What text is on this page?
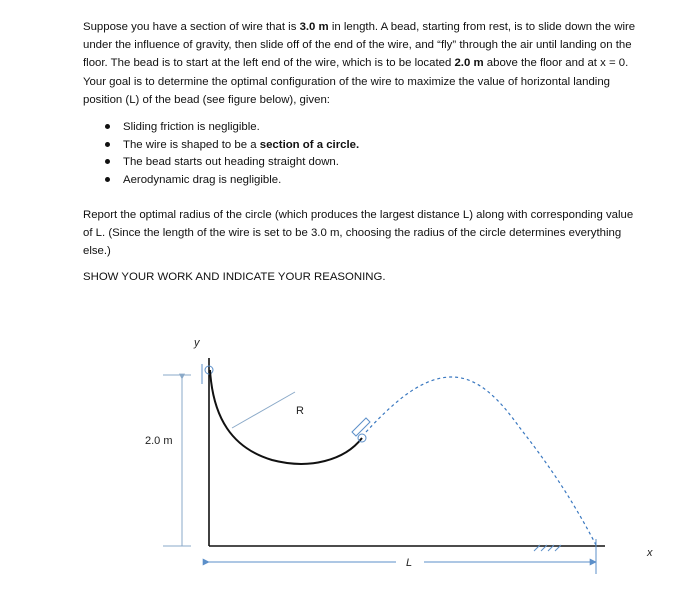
Suppose you have a section of wire that is 3.0 m in length. A bead, starting from rest, is to slide down the wire under the influence of gravity, then slide off of the end of the wire, and “fly” through the air until landing on the floor. The bead is to start at the left end of the wire, which is to be located 2.0 m above the floor and at x = 0. Your goal is to determine the optimal configuration of the wire to maximize the value of horizontal landing position (L) of the bead (see figure below), given:

Sliding friction is negligible.
The wire is shaped to be a section of a circle.
The bead starts out heading straight down.
Aerodynamic drag is negligible.

Report the optimal radius of the circle (which produces the largest distance L) along with corresponding value of L. (Since the length of the wire is set to be 3.0 m, choosing the radius of the circle determines everything else.)

SHOW YOUR WORK AND INDICATE YOUR REASONING.

y
x
2.0 m
R
L
